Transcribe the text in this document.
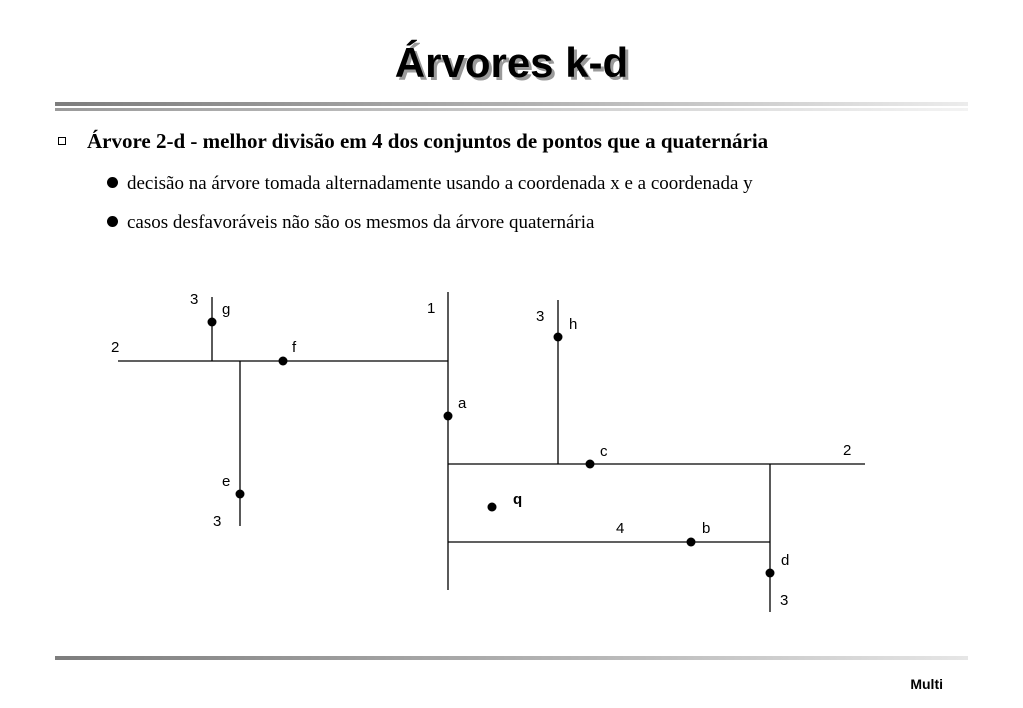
Árvores k-d
Árvore 2-d - melhor divisão em 4 dos conjuntos de pontos que a quaternária
decisão na árvore tomada alternadamente usando a coordenada x e a coordenada y
casos desfavoráveis não são os mesmos da árvore quaternária
g
f
h
a
c
e
q
b
d
1
2
3
3
2
3	4
3
Multi
